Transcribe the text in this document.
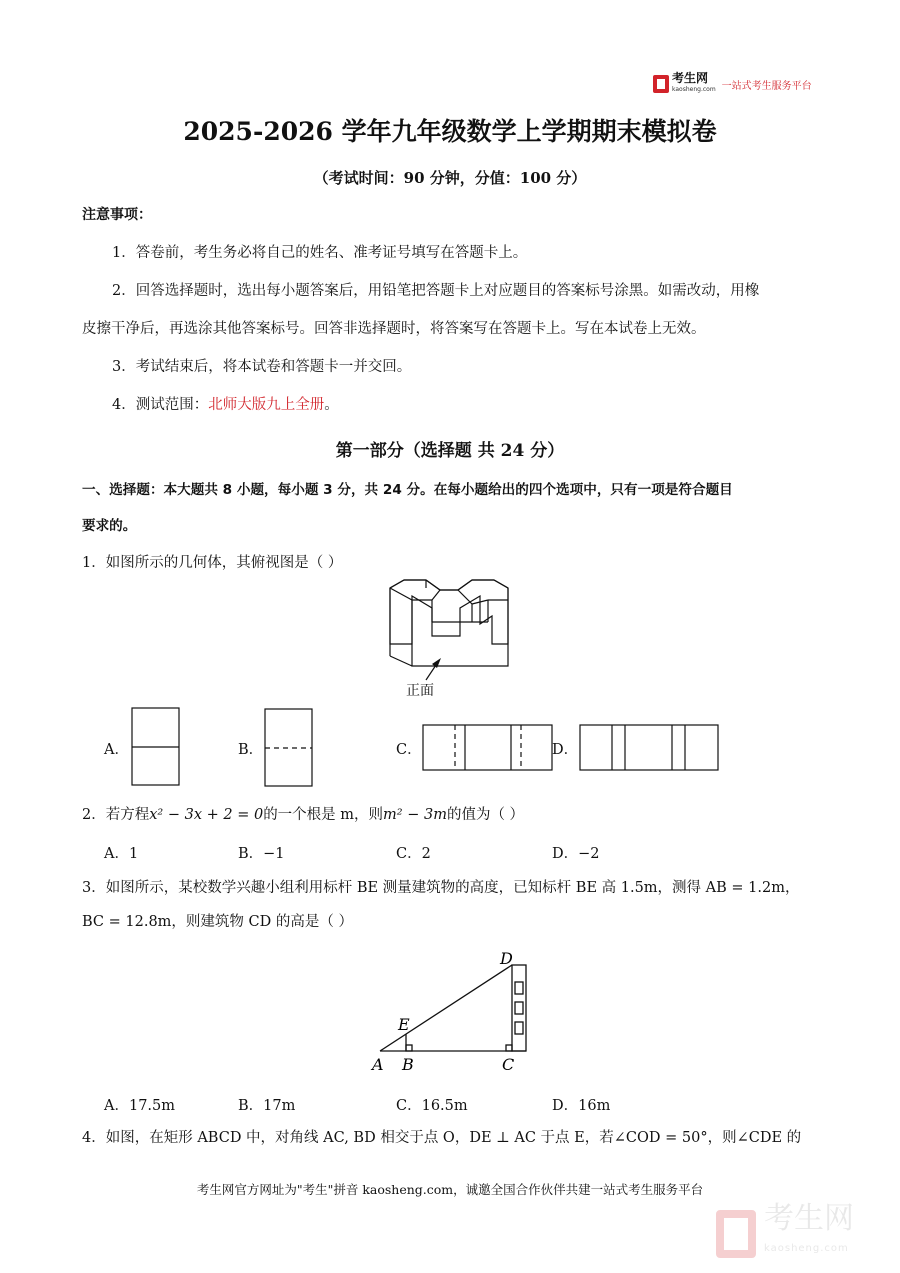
考生网
kaosheng.com 一站式考生服务平台
2025-2026 学年九年级数学上学期期末模拟卷
（考试时间：90 分钟，分值：100 分）
注意事项：
1．答卷前，考生务必将自己的姓名、准考证号填写在答题卡上。
2．回答选择题时，选出每小题答案后，用铅笔把答题卡上对应题目的答案标号涂黑。如需改动，用橡
皮擦干净后，再选涂其他答案标号。回答非选择题时，将答案写在答题卡上。写在本试卷上无效。
3．考试结束后，将本试卷和答题卡一并交回。
4．测试范围：北师大版九上全册。
第一部分（选择题 共 24 分）
一、选择题：本大题共 8 小题，每小题 3 分，共 24 分。在每小题给出的四个选项中，只有一项是符合题目
要求的。
1．如图所示的几何体，其俯视图是（ ）
正面
A．	B．	C．	D．
2．若方程x² − 3x + 2 = 0的一个根是 m，则m² − 3m的值为（ ）
A．1	B．−1	C．2	D．−2
3．如图所示，某校数学兴趣小组利用标杆 BE 测量建筑物的高度，已知标杆 BE 高 1.5m，测得 AB = 1.2m，
BC = 12.8m，则建筑物 CD 的高是（ ）
A B	C
D
E
A．17.5m	B．17m	C．16.5m	D．16m
4．如图，在矩形 ABCD 中，对角线 AC, BD 相交于点 O，DE ⊥ AC 于点 E，若∠COD = 50°，则∠CDE 的
考生网官方网址为"考生"拼音 kaosheng.com，诚邀全国合作伙伴共建一站式考生服务平台
考生网
kaosheng.com
